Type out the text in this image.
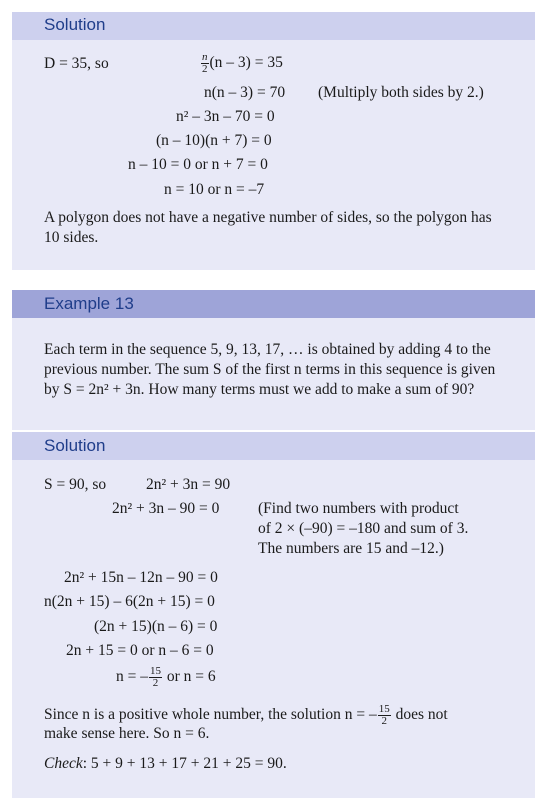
Solution
D = 35, so	$\frac{n}{2} (n - 3) = 35$
n(n – 3) = 70 (Multiply both sides by 2.)
n² – 3n – 70 = 0
(n – 10)(n + 7) = 0
n – 10 = 0 or n + 7 = 0
n = 10 or n = –7
A polygon does not have a negative number of sides, so the polygon has 10 sides.
Example 13
Each term in the sequence 5, 9, 13, 17, … is obtained by adding 4 to the previous number. The sum S of the first n terms in this sequence is given by S = 2n² + 3n. How many terms must we add to make a sum of 90?
Solution
S = 90, so	2n² + 3n = 90
2n² + 3n – 90 = 0 (Find two numbers with product
of 2 × (–90) = –180 and sum of 3.
The numbers are 15 and –12.)
2n² + 15n – 12n – 90 = 0
n(2n + 15) – 6(2n + 15) = 0
(2n + 15)(n – 6) = 0
2n + 15 = 0 or n – 6 = 0
n = – $\frac{15}{2}$ or n = 6
Since n is a positive whole number, the solution n = – $\frac{15}{2}$ does not
make sense here. So n = 6.
Check: 5 + 9 + 13 + 17 + 21 + 25 = 90.
